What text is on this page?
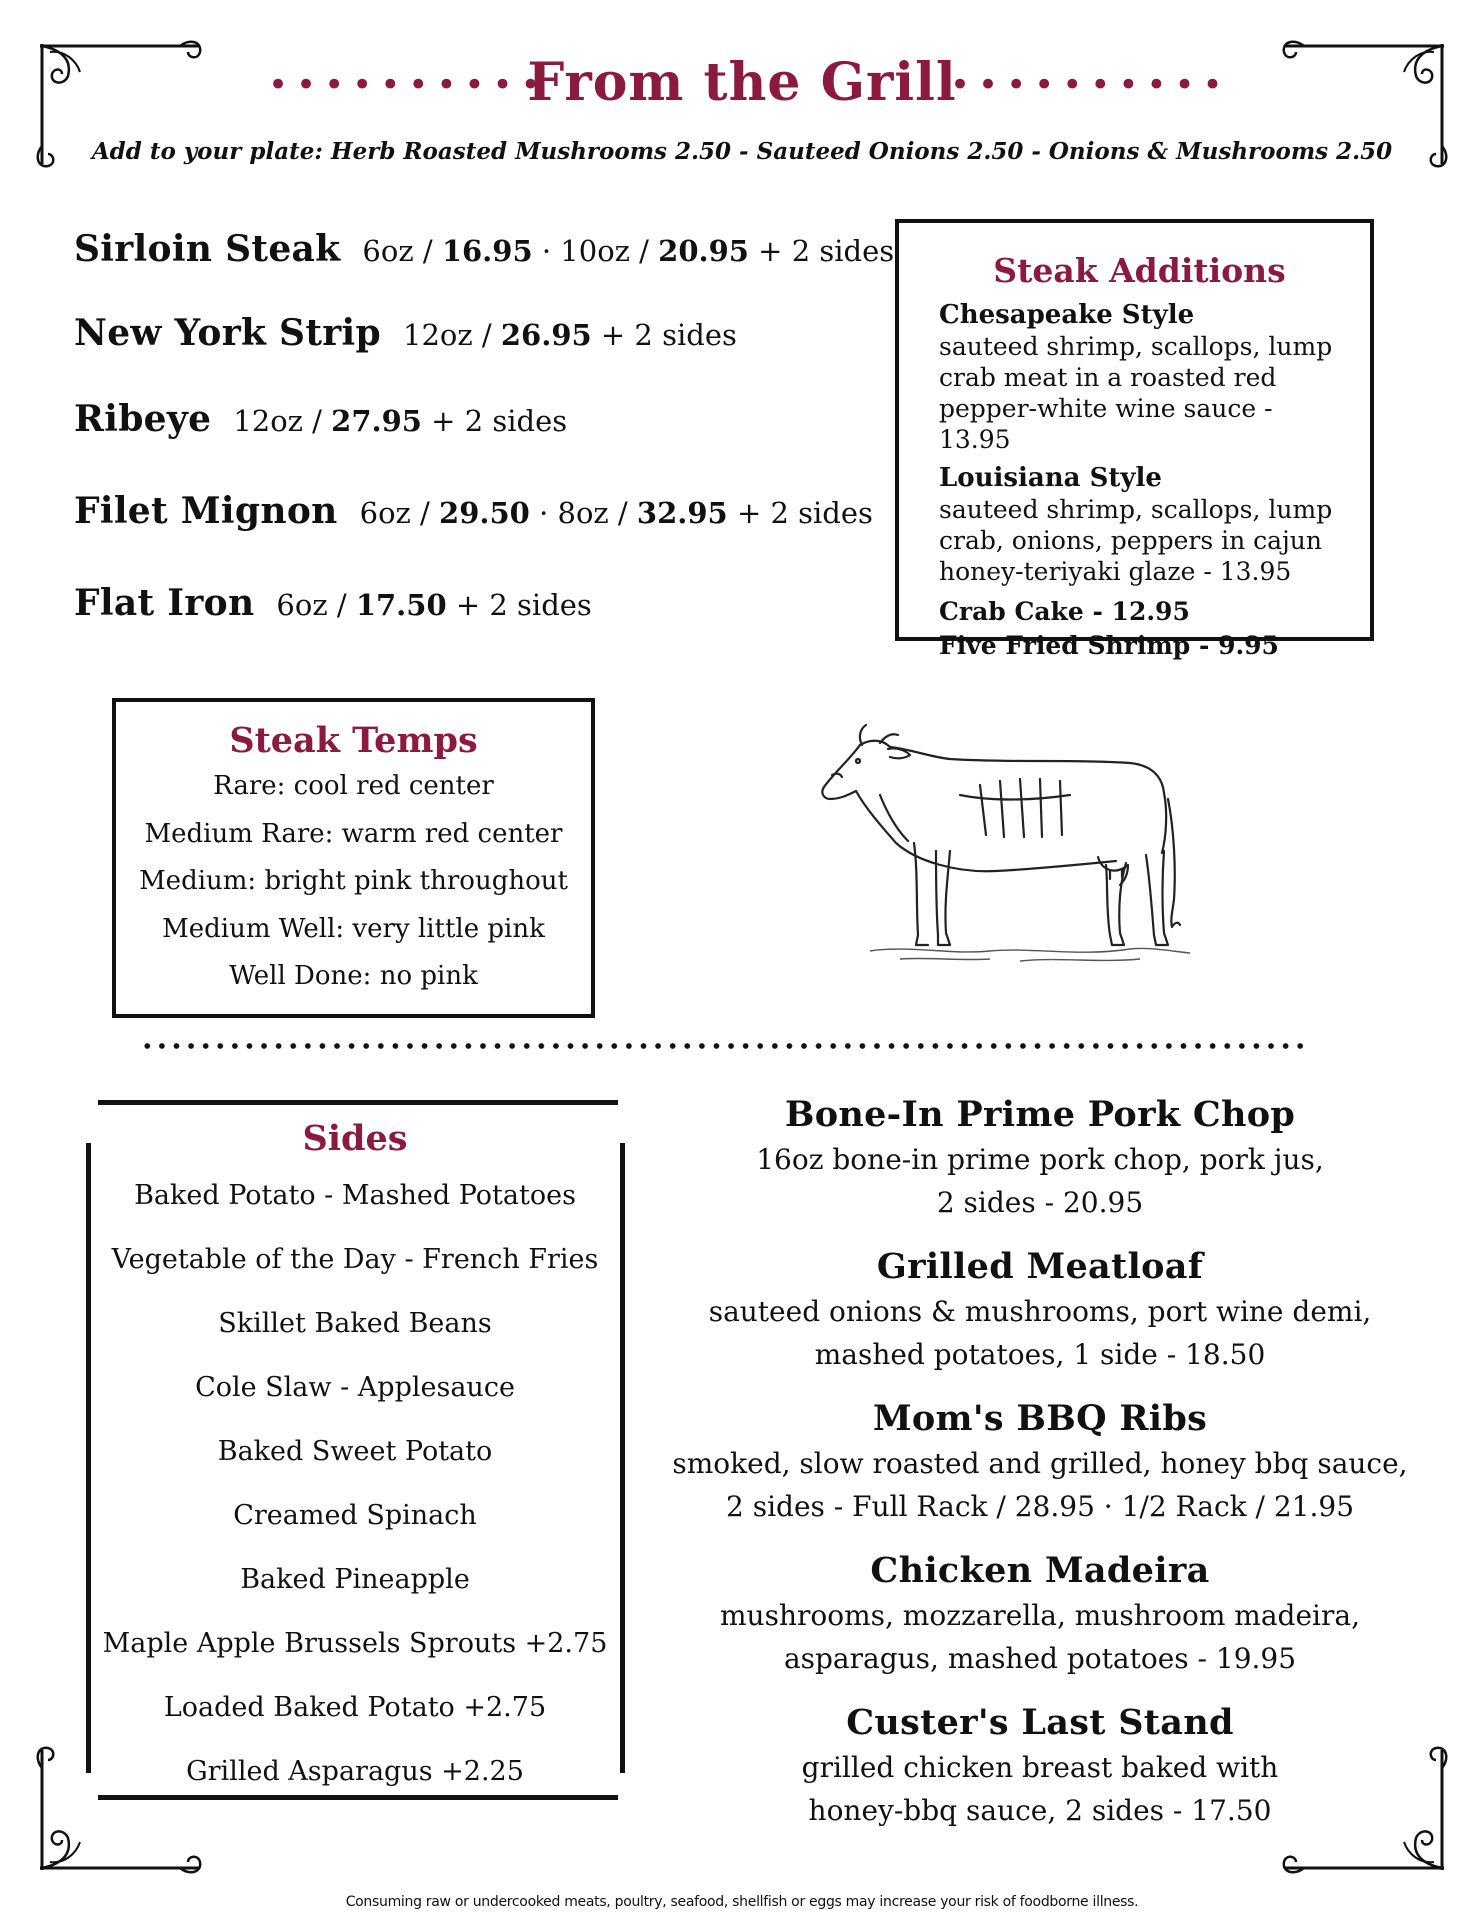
••••••••••
From the Grill
••••••••••
Add to your plate: Herb Roasted Mushrooms 2.50 - Sauteed Onions 2.50 - Onions & Mushrooms 2.50
Sirloin Steak 6oz / 16.95 · 10oz / 20.95 + 2 sides
New York Strip 12oz / 26.95 + 2 sides
Ribeye 12oz / 27.95 + 2 sides
Filet Mignon 6oz / 29.50 · 8oz / 32.95 + 2 sides
Flat Iron 6oz / 17.50 + 2 sides
Steak Additions
Chesapeake Style
sauteed shrimp, scallops, lump
crab meat in a roasted red
pepper-white wine sauce - 13.95
Louisiana Style
sauteed shrimp, scallops, lump
crab, onions, peppers in cajun
honey-teriyaki glaze - 13.95
Crab Cake - 12.95
Five Fried Shrimp - 9.95
Steak Temps
Rare: cool red center
Medium Rare: warm red center
Medium: bright pink throughout
Medium Well: very little pink
Well Done: no pink
Sides
Baked Potato - Mashed Potatoes
Vegetable of the Day - French Fries
Skillet Baked Beans
Cole Slaw - Applesauce
Baked Sweet Potato
Creamed Spinach
Baked Pineapple
Maple Apple Brussels Sprouts +2.75
Loaded Baked Potato +2.75
Grilled Asparagus +2.25
Bone-In Prime Pork Chop
16oz bone-in prime pork chop, pork jus,
2 sides - 20.95
Grilled Meatloaf
sauteed onions & mushrooms, port wine demi,
mashed potatoes, 1 side - 18.50
Mom's BBQ Ribs
smoked, slow roasted and grilled, honey bbq sauce,
2 sides - Full Rack / 28.95 · 1/2 Rack / 21.95
Chicken Madeira
mushrooms, mozzarella, mushroom madeira,
asparagus, mashed potatoes - 19.95
Custer's Last Stand
grilled chicken breast baked with
honey-bbq sauce, 2 sides - 17.50
Consuming raw or undercooked meats, poultry, seafood, shellfish or eggs may increase your risk of foodborne illness.
